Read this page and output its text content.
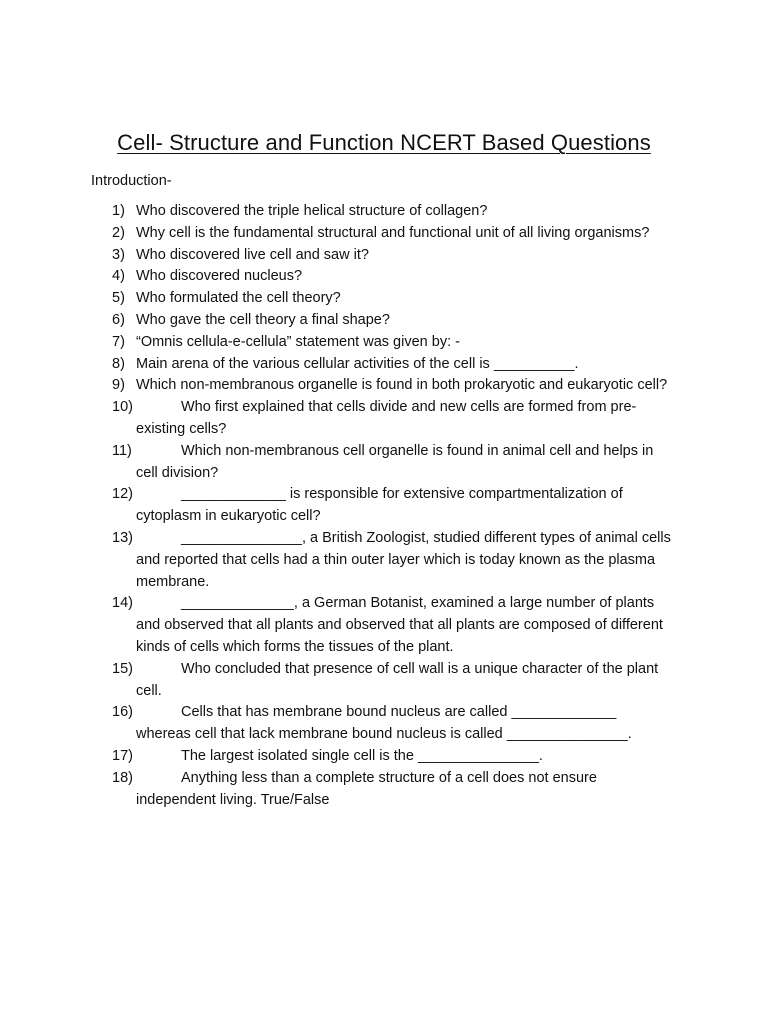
Cell- Structure and Function NCERT Based Questions
Introduction-
1) Who discovered the triple helical structure of collagen?
2) Why cell is the fundamental structural and functional unit of all living organisms?
3) Who discovered live cell and saw it?
4) Who discovered nucleus?
5) Who formulated the cell theory?
6) Who gave the cell theory a final shape?
7) “Omnis cellula-e-cellula” statement was given by: -
8) Main arena of the various cellular activities of the cell is __________.
9) Which non-membranous organelle is found in both prokaryotic and eukaryotic cell?
10)	Who first explained that cells divide and new cells are formed from pre-existing cells?
11)	Which non-membranous cell organelle is found in animal cell and helps in cell division?
12)	_____________ is responsible for extensive compartmentalization of cytoplasm in eukaryotic cell?
13)	_______________, a British Zoologist, studied different types of animal cells and reported that cells had a thin outer layer which is today known as the plasma membrane.
14)	______________, a German Botanist, examined a large number of plants and observed that all plants and observed that all plants are composed of different kinds of cells which forms the tissues of the plant.
15)	Who concluded that presence of cell wall is a unique character of the plant cell.
16)	Cells that has membrane bound nucleus are called _____________ whereas cell that lack membrane bound nucleus is called _______________.
17)	The largest isolated single cell is the _______________.
18)	Anything less than a complete structure of a cell does not ensure independent living. True/False
